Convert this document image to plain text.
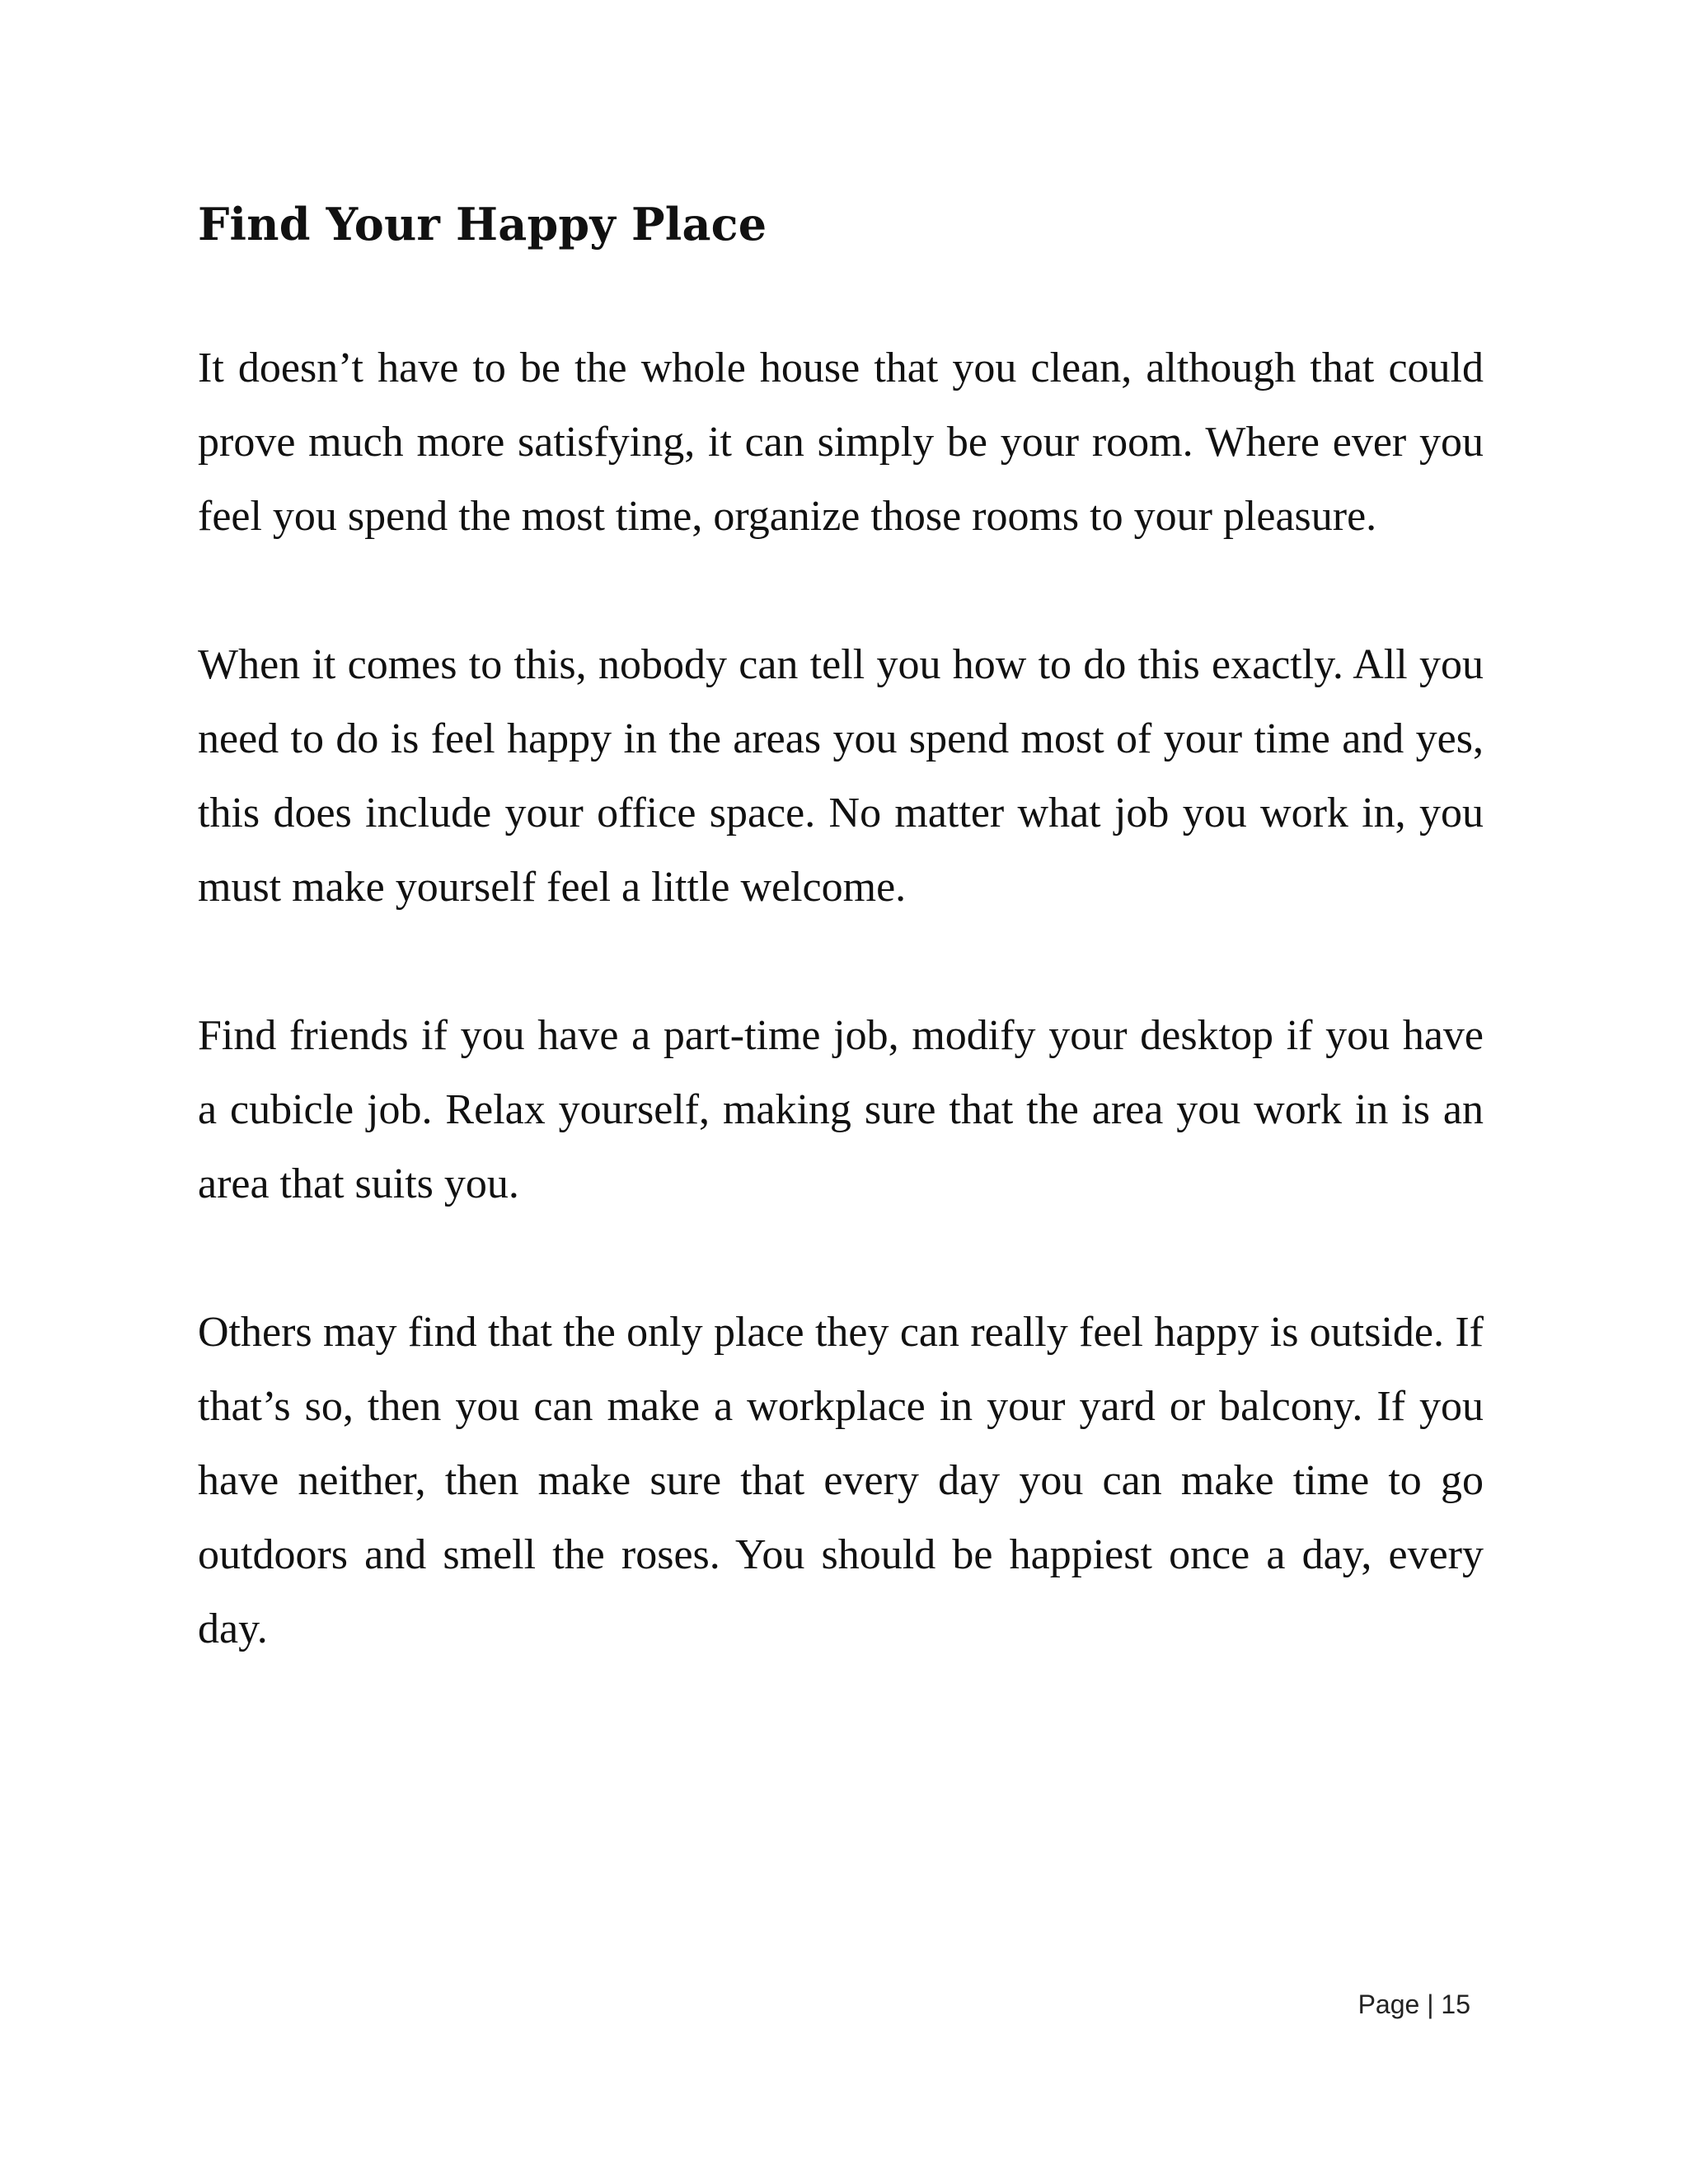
Find Your Happy Place

It doesn’t have to be the whole house that you clean, although that could prove much more satisfying, it can simply be your room. Where ever you feel you spend the most time, organize those rooms to your pleasure.

When it comes to this, nobody can tell you how to do this exactly. All you need to do is feel happy in the areas you spend most of your time and yes, this does include your office space. No matter what job you work in, you must make yourself feel a little welcome.

Find friends if you have a part-time job, modify your desktop if you have a cubicle job. Relax yourself, making sure that the area you work in is an area that suits you.

Others may find that the only place they can really feel happy is outside. If that’s so, then you can make a workplace in your yard or balcony. If you have neither, then make sure that every day you can make time to go outdoors and smell the roses. You should be happiest once a day, every day.

Page | 15
